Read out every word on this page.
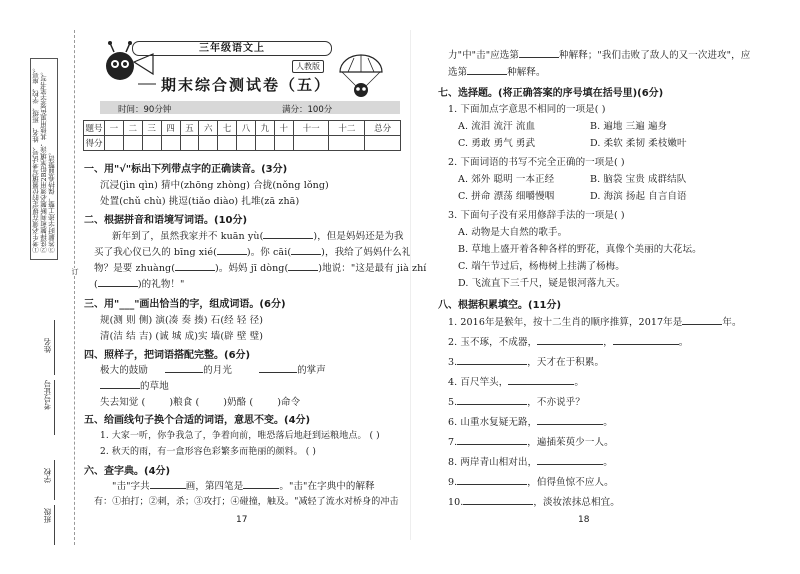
①考生必须在规定的位置填写考试号、姓名、班级、学校、座号。 ②选择题和判断题必须用2B铅笔填涂，其他用黑色签字笔书写。 ③答题时字迹工整，保持卷面整洁。
姓名
考号证号
学校
班级
订
三年级语文上
人教版
期末综合测试卷（五）
时间：90分钟	满分：100分
题号	一	二	三	四	五	六	七	八	九	十	十一	十二	总分
得分													
一、用"√"标出下列带点字的正确读音。(3分)
沉浸(jìn qìn) 猜中(zhōng zhòng) 合拢(nǒng lǒng)
处置(chǔ chù) 挑逗(tiǎo diào) 扎堆(zā zhā)
二、根据拼音和语境写词语。(10分)
新年到了，虽然我家并不 kuān yù(	)，但是妈妈还是为我
买了我心仪已久的 bīng xié(	)。你 cāi(	)，我给了妈妈什么礼
物？是要 zhuàng(	)。妈妈 jī dòng(	)地说："这是最有 jià zhí
(	)的礼物！"
三、用"___"画出恰当的字，组成词语。(6分)
规(测 则 侧) 演(凑 奏 揍) 石(经 轻 径)
清(洁 结 吉) (诚 城 成)实 墙(辟 壁 璧)
四、照样子，把词语搭配完整。(6分)
极大的鼓励	的月光	的掌声
的草地
失去知觉 (	)粮食 (	)奶酪 (	)命令
五、给画线句子换个合适的词语，意思不变。(4分)
1. 大家一听，你争我急了，争着向前，唯恐落后地赶到运粮地点。 ( )
2. 秋天的雨，有一盒形容色彩繁多而艳丽的颜料。 ( )
六、查字典。(4分)
"击"字共	画，第四笔是	。"击"在字典中的解释
有：①拍打；②刺，杀；③攻打；④碰撞，触及。"减轻了流水对桥身的冲击
17
力"中"击"应选第	种解释；"我们击败了敌人的又一次进攻"，应
选第	种解释。
七、选择题。(将正确答案的序号填在括号里)(6分)
1. 下面加点字意思不相同的一项是( )
A. 流泪 流汗 流血	B. 遍地 三遍 遍身
C. 勇敢 勇气 勇武	D. 柔软 柔韧 柔枝嫩叶
2. 下面词语的书写不完全正确的一项是( )
A. 郊外 聪明 一本正经	B. 脑袋 宝贵 成群结队
C. 拼命 漂荡 细嚼慢咽	D. 海滨 扬起 自言自语
3. 下面句子没有采用修辞手法的一项是( )
A. 动物是大自然的歌手。
B. 草地上盛开着各种各样的野花，真像个美丽的大花坛。
C. 端午节过后，杨梅树上挂满了杨梅。
D. 飞流直下三千尺，疑是银河落九天。
八、根据积累填空。(11分)
1. 2016年是猴年，按十二生肖的顺序推算，2017年是	年。
2. 玉不琢，不成器，	，	。
3.	，天才在于积累。
4. 百尺竿头，	。
5.	，不亦说乎？
6. 山重水复疑无路，	。
7.	，遍插茱萸少一人。
8. 两岸青山相对出，	。
9.	，伯得鱼惊不应人。
10.	，淡妆浓抹总相宜。
18
